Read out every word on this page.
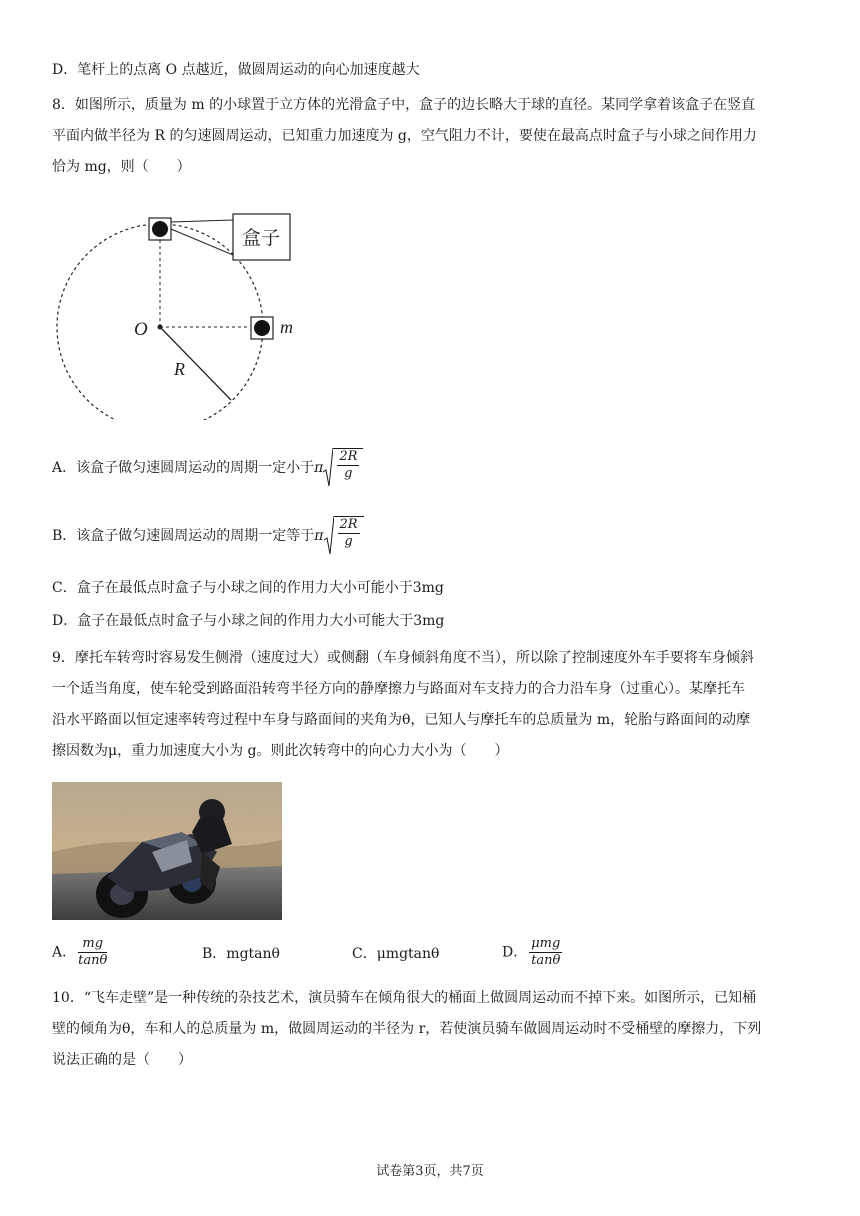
D．笔杆上的点离 O 点越近，做圆周运动的向心加速度越大

8．如图所示，质量为 m 的小球置于立方体的光滑盒子中，盒子的边长略大于球的直径。某同学拿着该盒子在竖直

平面内做半径为 R 的匀速圆周运动，已知重力加速度为 g，空气阻力不计，要使在最高点时盒子与小球之间作用力

恰为 mg，则（　　）

盒子
O
R
m
A．该盒子做匀速圆周运动的周期一定小于π $\frac{2R}{g}$
B．该盒子做匀速圆周运动的周期一定等于π $\frac{2R}{g}$
C．盒子在最低点时盒子与小球之间的作用力大小可能小于3mg
D．盒子在最低点时盒子与小球之间的作用力大小可能大于3mg

9．摩托车转弯时容易发生侧滑（速度过大）或侧翻（车身倾斜角度不当），所以除了控制速度外车手要将车身倾斜

一个适当角度，使车轮受到路面沿转弯半径方向的静摩擦力与路面对车支持力的合力沿车身（过重心）。某摩托车

沿水平路面以恒定速率转弯过程中车身与路面间的夹角为θ，已知人与摩托车的总质量为 m，轮胎与路面间的动摩

擦因数为μ，重力加速度大小为 g。则此次转弯中的向心力大小为（　　）

A． $\frac{mg}{\tan\theta}$	B．mgtanθ	C．μmgtanθ	D． $\frac{\text{μmg}}{\tan\theta}$

10．“飞车走壁”是一种传统的杂技艺术，演员骑车在倾角很大的桶面上做圆周运动而不掉下来。如图所示，已知桶

壁的倾角为θ，车和人的总质量为 m，做圆周运动的半径为 r，若使演员骑车做圆周运动时不受桶壁的摩擦力，下列

说法正确的是（　　）

试卷第3页，共7页
